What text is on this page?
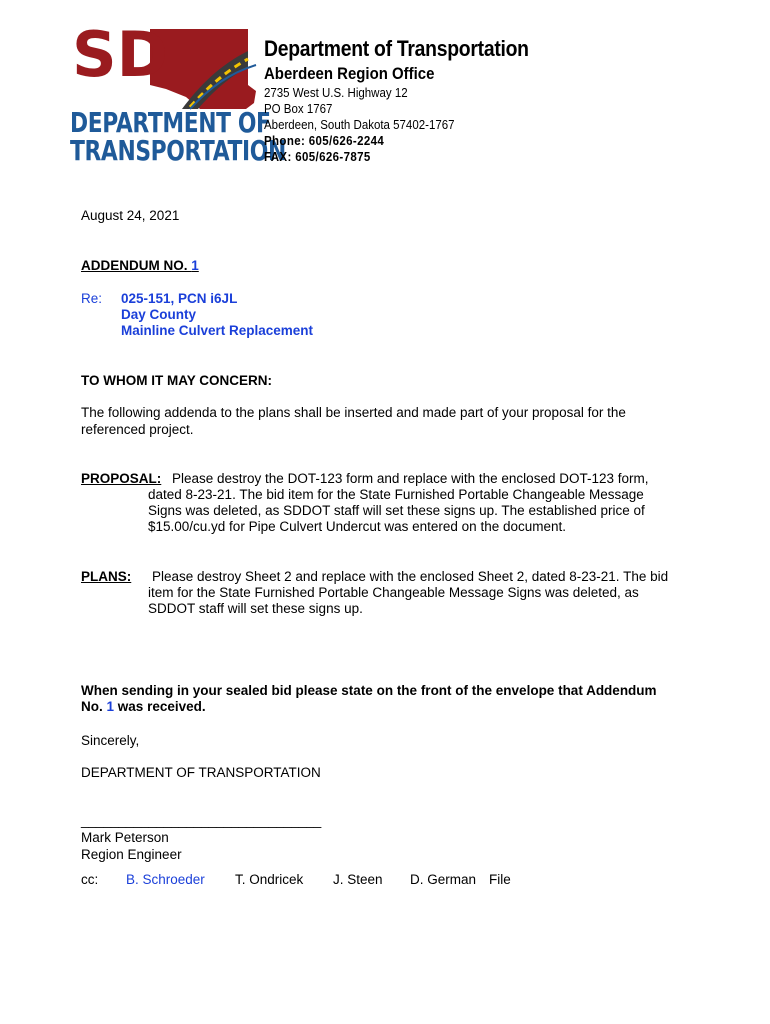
SD
DEPARTMENT OF
TRANSPORTATION
Department of Transportation
Aberdeen Region Office
2735 West U.S. Highway 12
PO Box 1767
Aberdeen, South Dakota 57402-1767
Phone: 605/626-2244
FAX: 605/626-7875
August 24, 2021
ADDENDUM NO. 1
Re: 025-151, PCN i6JL
Day County
Mainline Culvert Replacement
TO WHOM IT MAY CONCERN:
The following addenda to the plans shall be inserted and made part of your proposal for the
referenced project.
PROPOSAL: Please destroy the DOT-123 form and replace with the enclosed DOT-123 form,
dated 8-23-21. The bid item for the State Furnished Portable Changeable Message
Signs was deleted, as SDDOT staff will set these signs up. The established price of
$15.00/cu.yd for Pipe Culvert Undercut was entered on the document.
PLANS: Please destroy Sheet 2 and replace with the enclosed Sheet 2, dated 8-23-21. The bid
item for the State Furnished Portable Changeable Message Signs was deleted, as
SDDOT staff will set these signs up.
When sending in your sealed bid please state on the front of the envelope that Addendum
No. 1 was received.
Sincerely,
DEPARTMENT OF TRANSPORTATION
________________________________
Mark Peterson
Region Engineer
cc: B. Schroeder T. Ondricek J. Steen D. German File
